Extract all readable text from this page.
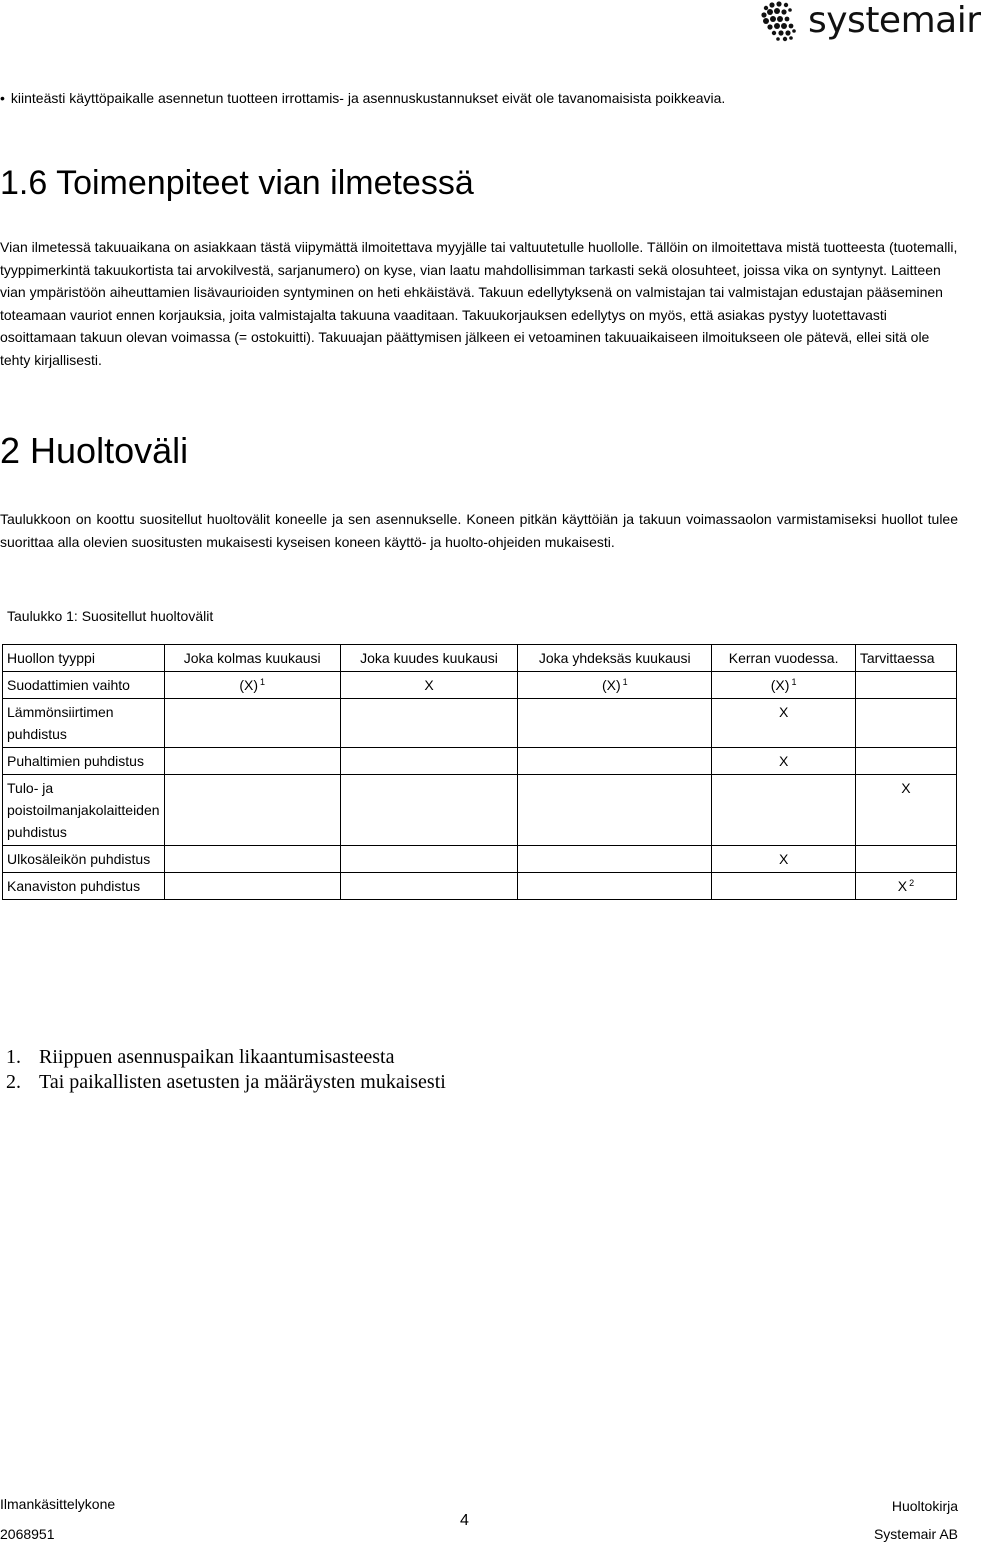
systemair
• kiinteästi käyttöpaikalle asennetun tuotteen irrottamis- ja asennuskustannukset eivät ole tavanomaisista poikkeavia.
1.6 Toimenpiteet vian ilmetessä
Vian ilmetessä takuuaikana on asiakkaan tästä viipymättä ilmoitettava myyjälle tai valtuutetulle huollolle. Tällöin on ilmoitettava mistä tuotteesta (tuotemalli, tyyppimerkintä takuukortista tai arvokilvestä, sarjanumero) on kyse, vian laatu mahdollisimman tarkasti sekä olosuhteet, joissa vika on syntynyt. Laitteen vian ympäristöön aiheuttamien lisävaurioiden syntyminen on heti ehkäistävä. Takuun edellytyksenä on valmistajan tai valmistajan edustajan pääseminen toteamaan vauriot ennen korjauksia, joita valmistajalta takuuna vaaditaan. Takuukorjauksen edellytys on myös, että asiakas pystyy luotettavasti osoittamaan takuun olevan voimassa (= ostokuitti). Takuuajan päättymisen jälkeen ei vetoaminen takuuaikaiseen ilmoitukseen ole pätevä, ellei sitä ole tehty kirjallisesti.
2 Huoltoväli
Taulukkoon on koottu suositellut huoltovälit koneelle ja sen asennukselle. Koneen pitkän käyttöiän ja takuun voimassaolon varmistamiseksi huollot tulee suorittaa alla olevien suositusten mukaisesti kyseisen koneen käyttö- ja huolto-ohjeiden mukaisesti.
Taulukko 1: Suositellut huoltovälit
Huollon tyyppi	Joka kolmas kuukausi	Joka kuudes kuukausi	Joka yhdeksäs kuukausi	Kerran vuodessa.	Tarvittaessa
Suodattimien vaihto	(X) $^1$	X	(X) $^1$	(X) $^1$	
Lämmönsiirtimen puhdistus				X	
Puhaltimien puhdistus				X	
Tulo- ja poistoilmanjakolaitteiden puhdistus					X
Ulkosäleikön puhdistus				X	
Kanaviston puhdistus					X $^2$
1. Riippuen asennuspaikan likaantumisasteesta
2. Tai paikallisten asetusten ja määräysten mukaisesti
Ilmankäsittelykone
2068951
4
Huoltokirja
Systemair AB
